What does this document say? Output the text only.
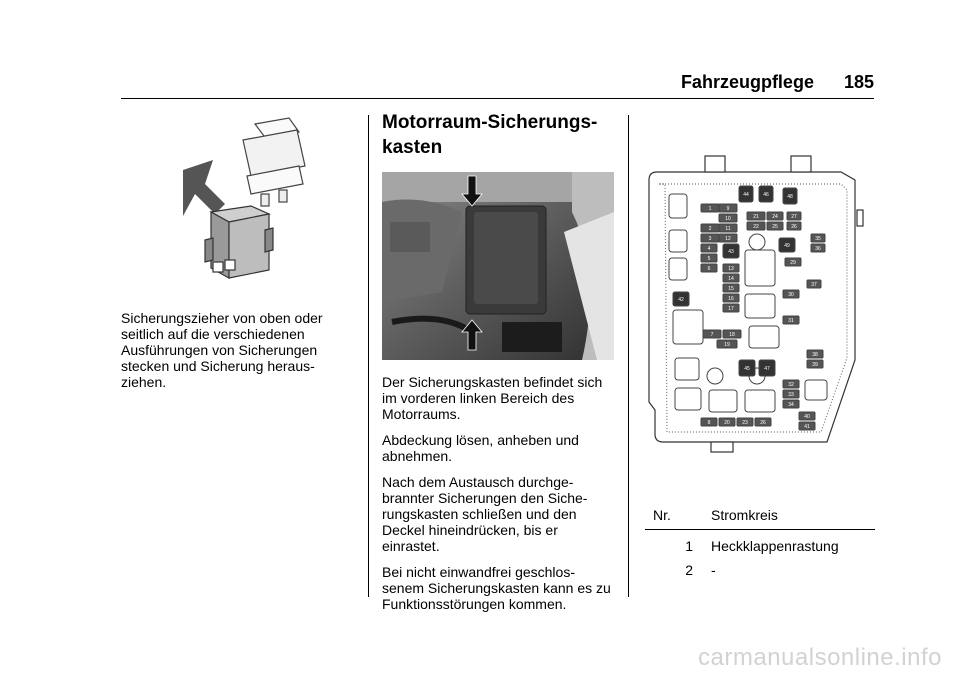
Fahrzeugpflege 185

Sicherungszieher von oben oder seitlich auf die verschiedenen Ausführungen von Sicherungen stecken und Sicherung heraus-ziehen.

Motorraum-Sicherungs-
kasten

Der Sicherungskasten befindet sich im vorderen linken Bereich des Motorraums.

Abdeckung lösen, anheben und abnehmen.

Nach dem Austausch durchge-brannter Sicherungen den Siche-rungskasten schließen und den Deckel hineindrücken, bis er einrastet.

Bei nicht einwandfrei geschlos-senem Sicherungskasten kann es zu Funktionsstörungen kommen.

44	46	48
1	9
10	21	24	27
2	11	22	25	26
3	12	35
4	43
49	36
5
6	13
29
14
37
15
30
42	16
17
31
7	18
19
38
45	47
39
32
33
34
40
8	20 23 26
41
Nr.	Stromkreis
1	Heckklappenrastung
2	-
carmanualsonline.info
